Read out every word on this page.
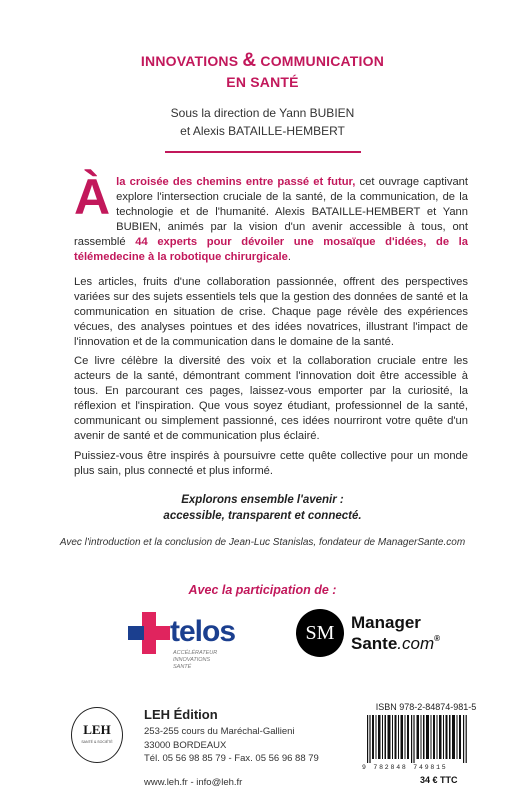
INNOVATIONS & COMMUNICATION
EN SANTÉ
Sous la direction de Yann BUBIEN
et Alexis BATAILLE-HEMBERT
Àla croisée des chemins entre passé et futur, cet ouvrage captivant explore l'intersection cruciale de la santé, de la communication, de la technologie et de l'humanité. Alexis BATAILLE-HEMBERT et Yann BUBIEN, animés par la vision d'un avenir accessible à tous, ont rassemblé 44 experts pour dévoiler une mosaïque d'idées, de la télémedecine à la robotique chirurgicale.
Les articles, fruits d'une collaboration passionnée, offrent des perspectives variées sur des sujets essentiels tels que la gestion des données de santé et la communication en situation de crise. Chaque page révèle des expériences vécues, des analyses pointues et des idées novatrices, illustrant l'impact de l'innovation et de la communication dans le domaine de la santé.
Ce livre célèbre la diversité des voix et la collaboration cruciale entre les acteurs de la santé, démontrant comment l'innovation doit être accessible à tous. En parcourant ces pages, laissez-vous emporter par la curiosité, la réflexion et l'inspiration. Que vous soyez étudiant, professionnel de la santé, communicant ou simplement passionné, ces idées nourriront votre quête d'un avenir de santé et de communication plus éclairé.
Puissiez-vous être inspirés à poursuivre cette quête collective pour un monde plus sain, plus connecté et plus informé.
Explorons ensemble l'avenir :
accessible, transparent et connecté.
Avec l'introduction et la conclusion de Jean-Luc Stanislas, fondateur de ManagerSante.com
Avec la participation de :
telos
ACCÉLÉRATEUR
INNOVATIONS
SANTÉ
SM Manager
Sante.com®
LEH
SANTÉ & SOCIÉTÉ
LEH Édition
253-255 cours du Maréchal-Gallieni
33000 BORDEAUX
Tél. 05 56 98 85 79 - Fax. 05 56 96 88 79
www.leh.fr - info@leh.fr
ISBN 978-2-84874-981-5
9 782848 749815
34 € TTC
